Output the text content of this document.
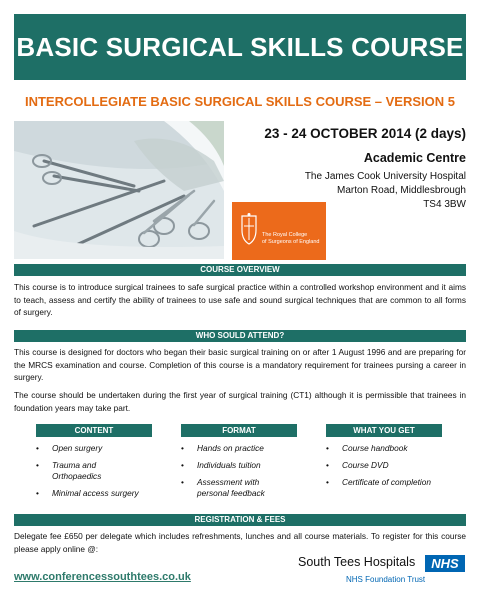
BASIC SURGICAL SKILLS COURSE
INTERCOLLEGIATE BASIC SURGICAL SKILLS COURSE – VERSION 5
The Royal College
of Surgeons of England
23 - 24 OCTOBER 2014 (2 days)
Academic Centre
The James Cook University Hospital
Marton Road, Middlesbrough
TS4 3BW
COURSE OVERVIEW
This course is to introduce surgical trainees to safe surgical practice within a controlled workshop environment and it aims to teach, assess and certify the ability of trainees to use safe and sound surgical techniques that are common to all forms of surgery.
WHO SOULD ATTEND?
This course is designed for doctors who began their basic surgical training on or after 1 August 1996 and are preparing for the MRCS examination and course. Completion of this course is a mandatory requirement for trainees pursing a career in surgery.
The course should be undertaken during the first year of surgical training (CT1) although it is permissible that trainees in foundation years may take part.
CONTENT
• Open surgery
• Trauma and Orthopaedics
• Minimal access surgery
FORMAT
• Hands on practice
• Individuals tuition
• Assessment with personal feedback
WHAT YOU GET
• Course handbook
• Course DVD
• Certificate of completion
REGISTRATION & FEES
Delegate fee £650 per delegate which includes refreshments, lunches and all course materials. To register for this course please apply online @:
www.conferencessouthtees.co.uk
South Tees Hospitals	NHS
NHS Foundation Trust
